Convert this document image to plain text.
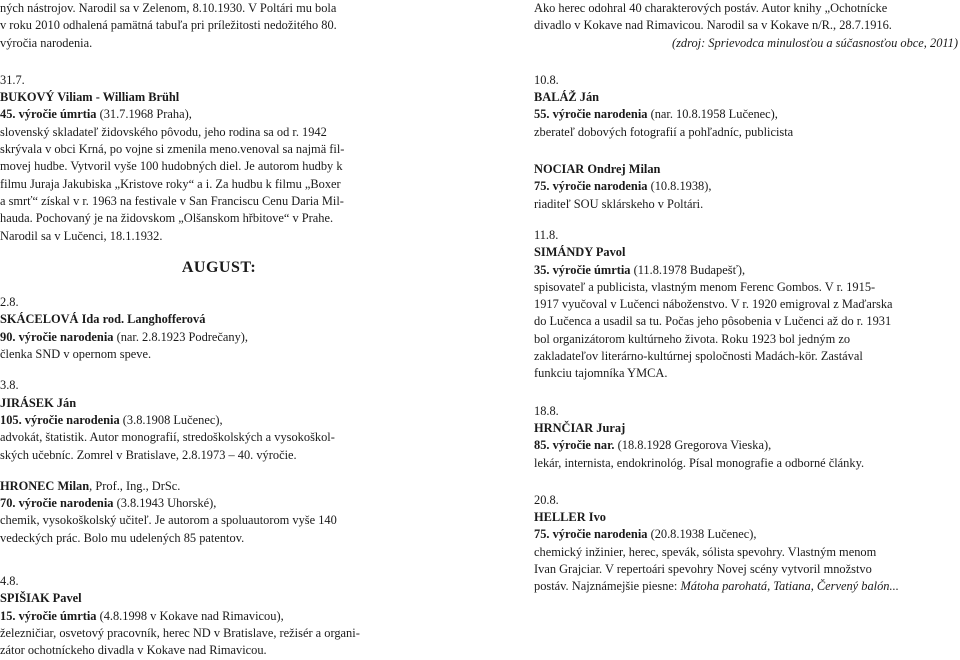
ných nástrojov. Narodil sa v Zelenom, 8.10.1930. V Poltári mu bola

v roku 2010 odhalená pamätná tabuľa pri príležitosti nedožitého 80.

výročia narodenia.

31.7.

BUKOVÝ Viliam - William Brühl

45. výročie úmrtia (31.7.1968 Praha),

slovenský skladateľ židovského pôvodu, jeho rodina sa od r. 1942

skrývala v obci Krná, po vojne si zmenila meno.venoval sa najmä fil-

movej hudbe. Vytvoril vyše 100 hudobných diel. Je autorom hudby k

filmu Juraja Jakubiska „Kristove roky“ a i. Za hudbu k filmu „Boxer

a smrť“ získal v r. 1963 na festivale v San Franciscu Cenu Daria Mil-

hauda. Pochovaný je na židovskom „Olšanskom hřbitove“ v Prahe.

Narodil sa v Lučenci, 18.1.1932.

AUGUST:

2.8.

SKÁCELOVÁ Ida rod. Langhofferová

90. výročie narodenia (nar. 2.8.1923 Podrečany),

členka SND v opernom speve.

3.8.

JIRÁSEK Ján

105. výročie narodenia (3.8.1908 Lučenec),

advokát, štatistik. Autor monografií, stredoškolských a vysokoškol-

ských učebníc. Zomrel v Bratislave, 2.8.1973 – 40. výročie.

HRONEC Milan, Prof., Ing., DrSc.

70. výročie narodenia (3.8.1943 Uhorské),

chemik, vysokoškolský učiteľ. Je autorom a spoluautorom vyše 140

vedeckých prác. Bolo mu udelených 85 patentov.

4.8.

SPIŠIAK Pavel

15. výročie úmrtia (4.8.1998 v Kokave nad Rimavicou),

železničiar, osvetový pracovník, herec ND v Bratislave, režisér a organi-

zátor ochotníckeho divadla v Kokave nad Rimavicou.

Ako herec odohral 40 charakterových postáv. Autor knihy „Ochotnícke

divadlo v Kokave nad Rimavicou. Narodil sa v Kokave n/R., 28.7.1916.

(zdroj: Sprievodca minulosťou a súčasnosťou obce, 2011)

10.8.

BALÁŽ Ján

55. výročie narodenia (nar. 10.8.1958 Lučenec),

zberateľ dobových fotografií a pohľadníc, publicista

NOCIAR Ondrej Milan

75. výročie narodenia (10.8.1938),

riaditeľ SOU sklárskeho v Poltári.

11.8.

SIMÁNDY Pavol

35. výročie úmrtia (11.8.1978 Budapešť),

spisovateľ a publicista, vlastným menom Ferenc Gombos. V r. 1915-

1917 vyučoval v Lučenci náboženstvo. V r. 1920 emigroval z Maďarska

do Lučenca a usadil sa tu. Počas jeho pôsobenia v Lučenci až do r. 1931

bol organizátorom kultúrneho života. Roku 1923 bol jedným zo

zakladateľov literárno-kultúrnej spoločnosti Madách-kör. Zastával

funkciu tajomníka YMCA.

18.8.

HRNČIAR Juraj

85. výročie nar. (18.8.1928 Gregorova Vieska),

lekár, internista, endokrinológ. Písal monografie a odborné články.

20.8.

HELLER Ivo

75. výročie narodenia (20.8.1938 Lučenec),

chemický inžinier, herec, spevák, sólista spevohry. Vlastným menom

Ivan Grajciar. V repertoári spevohry Novej scény vytvoril množstvo

postáv. Najznámejšie piesne: Mátoha parohatá, Tatiana, Červený balón...
